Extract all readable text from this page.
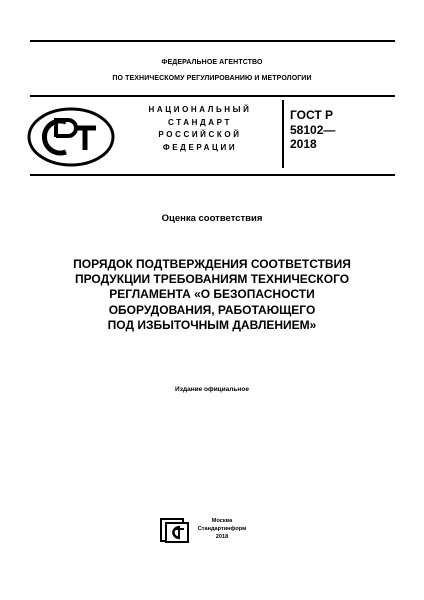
ФЕДЕРАЛЬНОЕ АГЕНТСТВО
ПО ТЕХНИЧЕСКОМУ РЕГУЛИРОВАНИЮ И МЕТРОЛОГИИ
НАЦИОНАЛЬНЫЙ
СТАНДАРТ
РОССИЙСКОЙ
ФЕДЕРАЦИИ
ГОСТ Р
58102—
2018
Оценка соответствия
ПОРЯДОК ПОДТВЕРЖДЕНИЯ СООТВЕТСТВИЯ
ПРОДУКЦИИ ТРЕБОВАНИЯМ ТЕХНИЧЕСКОГО
РЕГЛАМЕНТА «О БЕЗОПАСНОСТИ
ОБОРУДОВАНИЯ, РАБОТАЮЩЕГО
ПОД ИЗБЫТОЧНЫМ ДАВЛЕНИЕМ»
Издание официальное
Москва
Стандартинформ
2018
